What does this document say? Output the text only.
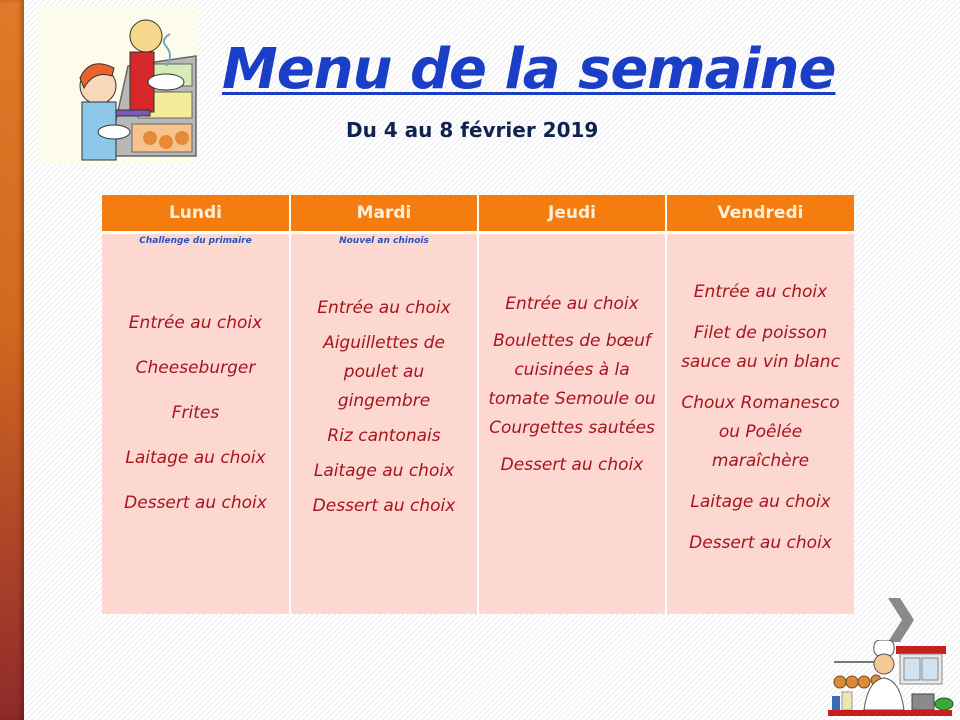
Menu de la semaine
Du 4 au 8 février 2019
Lundi	Mardi	Jeudi	Vendredi

Challenge du primaire
Entrée au choix
Cheeseburger
Frites
Laitage au choix
Dessert au choix

Nouvel an chinois
Entrée au choix
Aiguillettes de poulet au gingembre
Riz cantonais
Laitage au choix
Dessert au choix

Entrée au choix
Boulettes de bœuf cuisinées à la tomate Semoule ou Courgettes sautées
Dessert au choix

Entrée au choix
Filet de poisson sauce au vin blanc
Choux Romanesco ou Poêlée maraîchère
Laitage au choix
Dessert au choix
